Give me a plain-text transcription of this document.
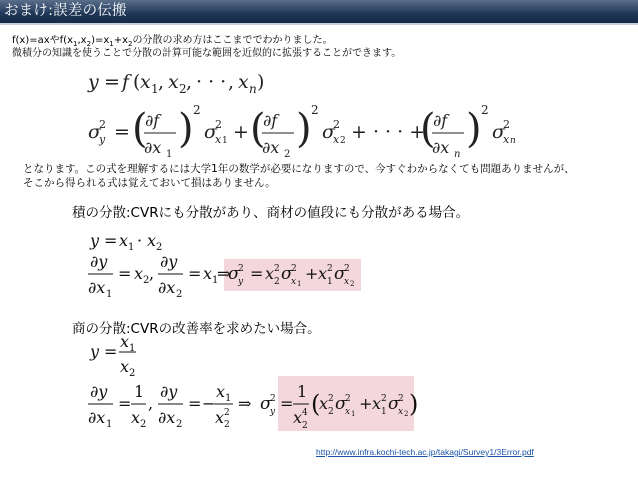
おまけ:誤差の伝搬
f(x)=axや$f(x_1,x_2)=x_1+x_2$の分散の求め方はここまででわかりました。
微積分の知識を使うことで分散の計算可能な範囲を近似的に拡張することができます。
y = f ( x 1 , x 2 , · · · , x n )
σ
2
y = (
∂f
∂x 1
) 2
σ
2
x 1 + (
∂f
∂x 2
) 2
σ
2
x 2 + · · · +
(
∂f
∂x n
) 2
σ
2
x n
となります。この式を理解するには大学1年の数学が必要になりますので、今すぐわからなくても問題ありませんが、
そこから得られる式は覚えておいて損はありません。
積の分散:CVRにも分散があり、商材の値段にも分散がある場合。
y = x 1 · x 2
∂y
∂x 1
= x 2 ,
∂y
∂x 2
= x 1
⇒
σ
2
y = x 2
2 σ
2
x 1
+ x 2
1 σ
2
x 2
y =
x 1
x 2
∂y
∂x 1
=
1
x 2
,
∂y
∂x 2
= −
x 1
x 2
2
⇒ σ
2
y =
1
x 4
2
(
x 2
2 σ
2
x 1
+ x 2
1 σ
2
x 2 )
商の分散:CVRの改善率を求めたい場合。
http://www.infra.kochi-tech.ac.jp/takagi/Survey1/3Error.pdf
